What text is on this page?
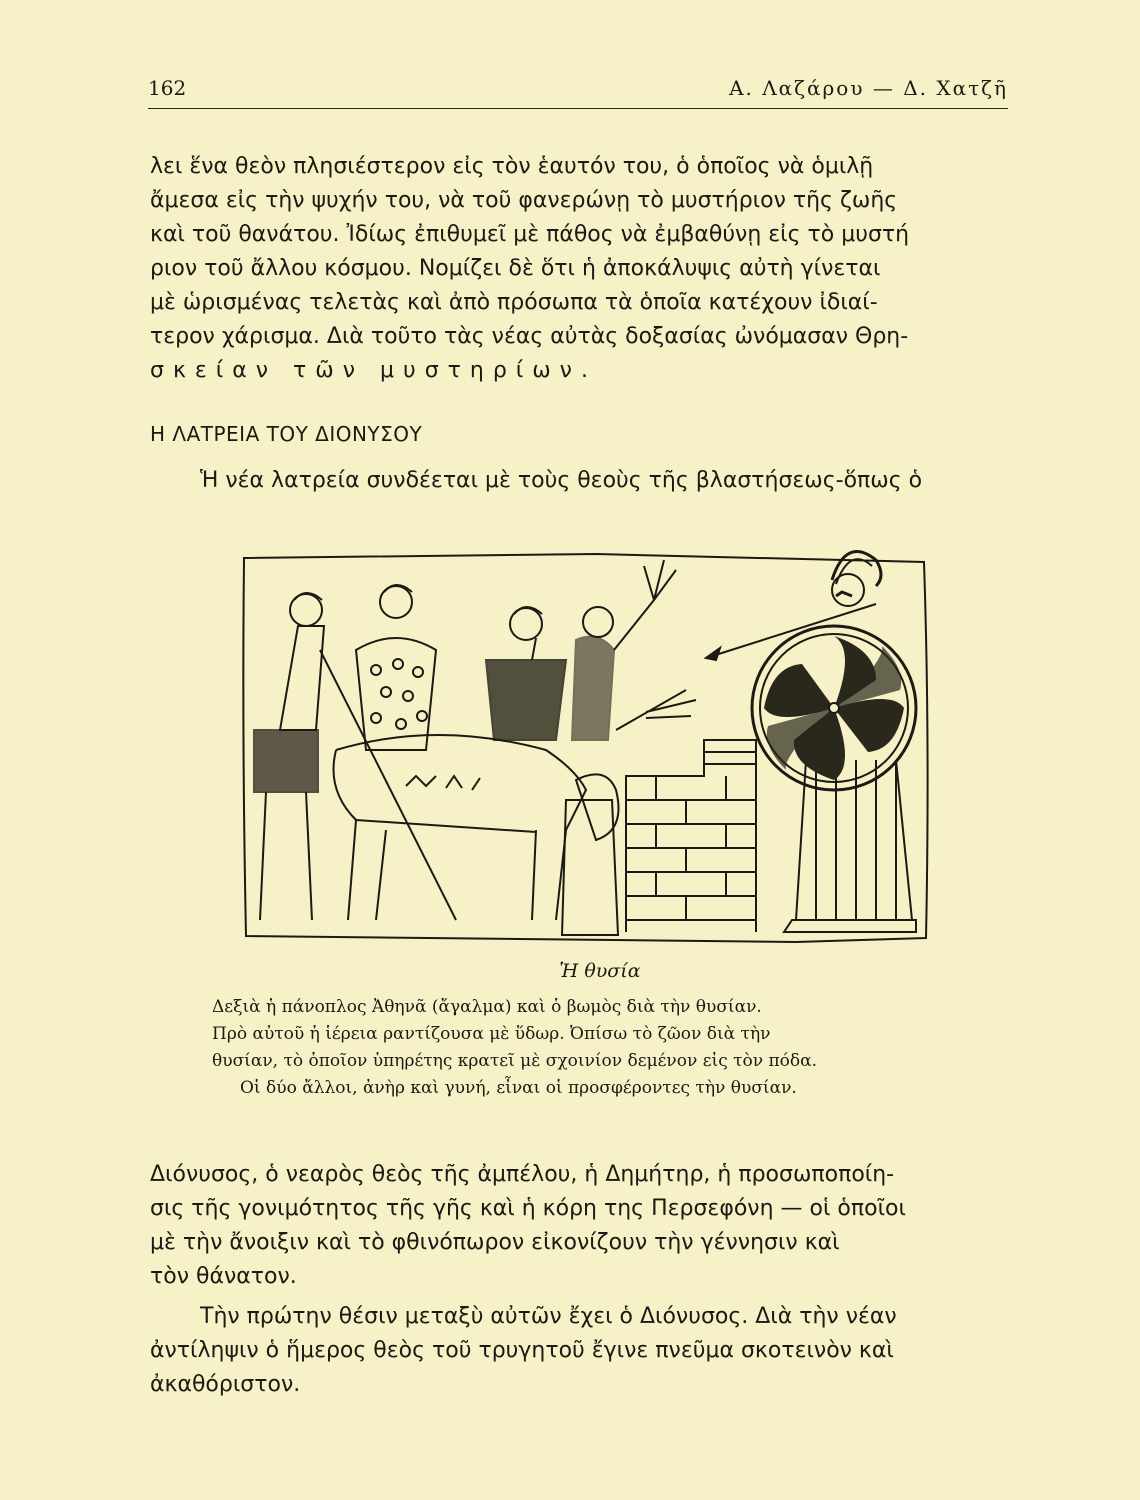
162	Α. Λαζάρου — Δ. Χατζῆ

λει ἕνα θεὸν πλησιέστερον εἰς τὸν ἑαυτόν του, ὁ ὁποῖος νὰ ὁμιλῇ

ἄμεσα εἰς τὴν ψυχήν του, νὰ τοῦ φανερώνῃ τὸ μυστήριον τῆς ζωῆς

καὶ τοῦ θανάτου. Ἰδίως ἐπιθυμεῖ μὲ πάθος νὰ ἐμβαθύνῃ εἰς τὸ μυστή

ριον τοῦ ἄλλου κόσμου. Νομίζει δὲ ὅτι ἡ ἀποκάλυψις αὐτὴ γίνεται

μὲ ὡρισμένας τελετὰς καὶ ἀπὸ πρόσωπα τὰ ὁποῖα κατέχουν ἰδιαί-

τερον χάρισμα. Διὰ τοῦτο τὰς νέας αὐτὰς δοξασίας ὠνόμασαν Θρη-

σκείαν τῶν μυστηρίων.

Η ΛΑΤΡΕΙΑ ΤΟΥ ΔΙΟΝΥΣΟΥ

Ἡ νέα λατρεία συνδέεται μὲ τοὺς θεοὺς τῆς βλαστήσεως-ὅπως ὁ

Ἡ θυσία
Δεξιὰ ἡ πάνοπλος Ἀθηνᾶ (ἄγαλμα) καὶ ὁ βωμὸς διὰ τὴν θυσίαν.
Πρὸ αὐτοῦ ἡ ἱέρεια ραντίζουσα μὲ ὕδωρ. Ὀπίσω τὸ ζῶον διὰ τὴν
θυσίαν, τὸ ὁποῖον ὑπηρέτης κρατεῖ μὲ σχοινίον δεμένον εἰς τὸν πόδα.
Οἱ δύο ἄλλοι, ἀνὴρ καὶ γυνή, εἶναι οἱ προσφέροντες τὴν θυσίαν.

Διόνυσος, ὁ νεαρὸς θεὸς τῆς ἀμπέλου, ἡ Δημήτηρ, ἡ προσωποποίη-

σις τῆς γονιμότητος τῆς γῆς καὶ ἡ κόρη της Περσεφόνη — οἱ ὁποῖοι

μὲ τὴν ἄνοιξιν καὶ τὸ φθινόπωρον εἰκονίζουν τὴν γέννησιν καὶ

τὸν θάνατον.

Τὴν πρώτην θέσιν μεταξὺ αὐτῶν ἔχει ὁ Διόνυσος. Διὰ τὴν νέαν

ἀντίληψιν ὁ ἥμερος θεὸς τοῦ τρυγητοῦ ἔγινε πνεῦμα σκοτεινὸν καὶ

ἀκαθόριστον.
